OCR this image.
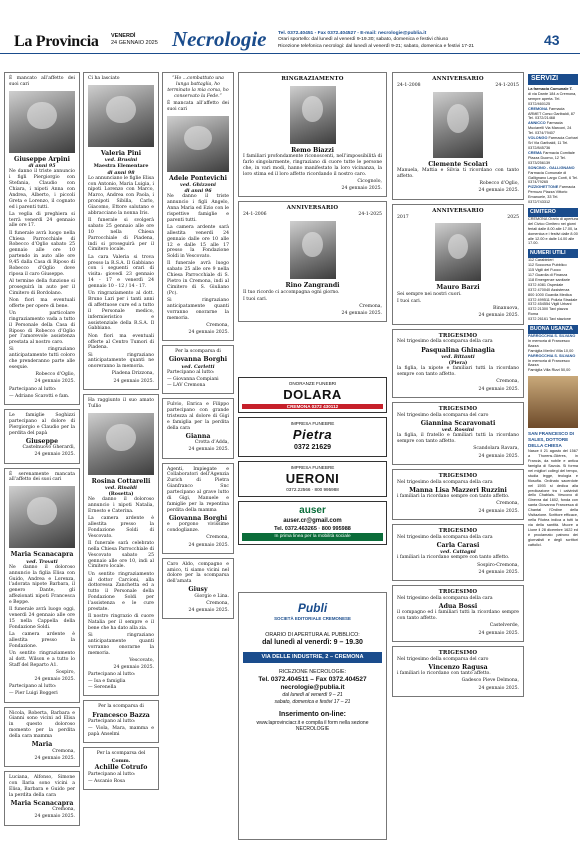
La Provincia VENERDÌ
24 GENNAIO 2025 Necrologie Tel. 0372.40451 - Fax 0372.404527 - E-mail: necrologie@publia.it
Orari sportello: dal lunedì al venerdì 9-19.30; sabato, domenica e festivi chiuso
Ricezione telefonica necrologi: dal lunedì al venerdì 9-21; sabato, domenica e festivi 17-21	43

È mancato all’affetto dei suoi cari

Giuseppe Arpini
di anni 95

Ne danno il triste annuncio i figli Piergiorgio con Stefania, Claudio con Chiara, i nipoti Anna con Andrea, Alberto, i piccoli Greta e Lorenzo, il cognato ed i parenti tutti.

La veglia di preghiera si terrà venerdì 24 gennaio alle ore 17.

Il funerale avrà luogo nella Chiesa Parrocchiale di Robecco d’Oglio sabato 25 gennaio alle ore 10 partendo in auto alle ore 9,45 dalla Casa di Riposo di Robecco d’Oglio dove riposa il caro Giuseppe.

Al termine della funzione si proseguirà in auto per il Cimitero di Bordolano.

Non fiori ma eventuali offerte per opere di bene.

Un particolare ringraziamento vada a tutto il Personale della Casa di Riposo di Robecco d’Oglio per l’amorevole assistenza prestata al nostro caro.

Si ringraziano anticipatamente tutti coloro che prenderanno parte alle esequie.

Robecco d’Oglio,

24 gennaio 2025.

Partecipano al lutto:

— Adriano Scarotti e fam.

Le famiglie Soghizzi partecipano al dolore di Piergiorgio e Claudio per la perdita del papà

Giuseppe

Castelnuovo Gherardi,

24 gennaio 2025.

È serenamente mancata all’affetto dei suoi cari

Maria Scanacapra
ved. Trovati

Ne danno il doloroso annuncio la figlia Elisa con Guido, Andrea e Lorenza, l’adorata nipote Barbara, il genero Dante, gli affezionati nipoti Francesca e Beppe.

Il funerale avrà luogo oggi, venerdì 24 gennaio alle ore 15 nella Cappella della Fondazione Soldi.

La camera ardente è allestita presso la Fondazione.

Un sentito ringraziamento al dott. Wilson e a tutto lo Staff del Reparto A1.

Sospiro,

24 gennaio 2025.

Partecipano al lutto:

— Pier Luigi Boggeri

Nicola, Roberta, Barbara e Gianni sono vicini ad Elisa in questo doloroso momento per la perdita della cara mamma

Maria

Cremona,

24 gennaio 2025.

Luciana, Alfonso, Simone con Ilaria sono vicini a Elisa, Barbara e Guido per la perdita della cara

Maria Scanacapra

Cremona,

24 gennaio 2025.

Ci ha lasciato

Valeria Pini
ved. Brusini
Maestra Elementare
di anni 98

Lo annunciano le figlie Elisa con Antonio, Maria Luigia, i nipoti Lorenzo con Marco, Marco, Andrea con Paola, i pronipoti Sibilla, Carlo, Giacomo, Ettore salutano e abbracciano la nonna Iris.

Il funerale si svolgerà sabato 25 gennaio alle ore 10 nella Chiesa Parrocchiale di Piadena, indi si proseguirà per il Cimitero locale.

La cara Valeria si trova presso la R.S.A. Il Gabbiano con i seguenti orari di visita: giovedì 23 gennaio 14 - 17 e venerdì 24 gennaio 10 - 12 / 14 - 17.

Un ringraziamento al dott. Bruno Lari per i tanti anni di affettuose cure ed a tutto il Personale medico, infermieristico e assistenziale della R.S.A. Il Gabbiano.

Non fiori ma eventuali offerte al Centro Tumori di Piadena.

Si ringraziano anticipatamente quanti ne onoreranno la memoria.

Piadena Drizzona,

24 gennaio 2025.

Ha raggiunto il suo amato Tullio

Rosina Cottarelli
ved. Rinaldi
(Rosetta)

Ne danno il doloroso annuncio i nipoti Natalia, Ernesto e Caterina.

La camera ardente è allestita presso la Fondazione Soldi di Vescovato.

Il funerale sarà celebrato nella Chiesa Parrocchiale di Vescovato sabato 25 gennaio alle ore 10, indi al Cimitero locale.

Un sentito ringraziamento al dottor Carcioni, alla dottoressa Zanchetta ed a tutto il Personale della Fondazione Soldi per l’assistenza e le cure prestate.

Il nostro ringrazio di cuore Natalia per il sempre e il bene che ha dato alla zia.

Si ringraziano anticipatamente quanti vorranno onorarne la memoria.

Vescovato,

24 gennaio 2025.

Partecipano al lutto:

— Isa e famiglia
— Serenella

Per la scomparsa di

Francesco Bazza

Partecipano al lutto:

— Viola, Mara, mamma e papà Anselmi

Per la scomparsa del

Comm.
Achille Cotrufo

Partecipano al lutto:

— Ascanio Rosa

“Ho ...combattuto una lunga battaglia, ho terminato la mia corsa, ho conservato la Fede.”

È mancata all’affetto dei suoi cari

Adele Pontevichi
ved. Ghizzoni
di anni 96

Ne danno il triste annuncio i figli Angelo, Anna Maria ed Ezio con le rispettive famiglie e parenti tutti.

La camera ardente sarà allestita venerdì 24 gennaio dalle ore 10 alle 12 e dalle 15 alle 17 presso la Fondazione Soldi in Vescovato.

Il funerale avrà luogo sabato 25 alle ore 9 nella Chiesa Parrocchiale di S. Pietro in Cremona, indi al Cimitero di S. Giuliano (Pc).

Si ringraziano anticipatamente quanti vorranno onorarne la memoria.

Cremona,

24 gennaio 2025.

Per la scomparsa di

Giovanna Borghi
ved. Carletti

Partecipano al lutto:

— Giovanna Compiani
— LAV Cremona

Fulvio, Enrica e Filippo partecipano con grande tristezza al dolore di Gigi e famiglia per la perdita della cara

Gianna

Crotta d’Adda,

24 gennaio 2025.

Agenti, Impiegate e Collaboratori dell’Agenzia Zurich di Pietra Gianfranco Snc partecipano al grave lutto di Gigi, Manuele e famiglie per la repentina perdita della mamma

Giovanna Borghi

e porgono vivissime condoglianze.

Cremona,

24 gennaio 2025.

Caro Aldo, compagno e amico, ti siamo vicini nel dolore per la scomparsa dell’amata

Giusy

Giorgio e Lina.

Cremona,

24 gennaio 2025.

RINGRAZIAMENTO
Remo Biazzi

I familiari profondamente riconoscenti, nell’impossibilità di farlo singolarmente, ringraziano di cuore tutte le persone che, in vari modi, hanno manifestato la loro vicinanza, la loro stima ed il loro affetto ricordando il nostro caro.

Cicognolo,

24 gennaio 2025.

ANNIVERSARIO
24-1-2006	24-1-2025
Rino Zangrandi

Il tuo ricordo ci accompagna ogni giorno.

I tuoi cari.

Cremona,

24 gennaio 2025.

ONORANZE FUNEBRI
DOLARA
CREMONA 0372 430112
IMPRESA FUNEBRE
Pietra
0372 21629
IMPRESA FUNEBRE
UERONI
0372.22566 · 800 995988
auser
auser.cr@gmail.com
Tel. 0372.463265 · 800 995988
In prima linea per la mobilità sociale
Publi
SOCIETÀ EDITORIALE CREMONESE
ORARIO DI APERTURA AL PUBBLICO:
dal lunedì al venerdì: 9 – 19.30
VIA DELLE INDUSTRIE, 2 – CREMONA
RICEZIONE NECROLOGIE:
Tel. 0372.404511 – Fax 0372.404527
necrologie@publia.it
dal lunedì al venerdì 9 – 21
sabato, domenica e festivi 17 – 21
Inserimento on-line:
www.laprovinciacr.it e compila il form nella sezione NECROLOGIE
ANNIVERSARIO
24-1-2008	24-1-2015
Clemente Scolari

Manuela, Mattia e Silvia ti ricordano con tanto affetto.

Robecco d’Oglio,

24 gennaio 2025.

ANNIVERSARIO
2017	2025
Mauro Barzi

Sei sempre nei nostri cuori.

I tuoi cari.

Binanuova,

24 gennaio 2025.

TRIGESIMO

Nel trigesimo della scomparsa della cara

Pasqualina Ghinaglia
ved. Bittanti
(Piera)

la figlia, la nipote e familiari tutti la ricordano sempre con tanto affetto.

Cremona,

24 gennaio 2025.

TRIGESIMO

Nel trigesimo della scomparsa del caro

Giannina Scaravonati
ved. Rossini

la figlia, il fratello e familiari tutti la ricordano sempre con tanto affetto.

Scandolara Ravara,

24 gennaio 2025.

TRIGESIMO

Nel trigesimo della scomparsa della cara

Manna Lisa Mazzeri Ruzzini

i familiari la ricordano sempre con tanto affetto.

Cremona,

24 gennaio 2025.

TRIGESIMO

Nel trigesimo della scomparsa della cara

Carla Carasi
ved. Cattagni

i familiari la ricordano sempre con tanto affetto.

Sospiro-Cremona,

24 gennaio 2025.

TRIGESIMO

Nel trigesimo della scomparsa della cara

Adua Bossi

il compagno ed i familiari tutti la ricordano sempre con tanto affetto.

Castelverde,

24 gennaio 2025.

TRIGESIMO

Nel trigesimo della scomparsa del caro

Vincenzo Ragusa

i familiari lo ricordano con tanto affetto.

Gadesco Pieve Delmona,

24 gennaio 2025.

SERVIZI
La farmacia Comunale T.
di via Dante 184 a Cremona, sempre aperta. Tel. 0372/460125
CREMONA Farmacia ARMET Corso Garibaldi, 87 Tel. 0372/21468
ANNICCO Farmacia Muciarelli Via Marconi, 24 Tel. 0374/79407
VOLONGO Farmacia Corbari Srl Via Garibaldi, 11 Tel. 0372/845736
CREMA Farmacia Comitale Piazza Duomo, 12 Tel. 0373/256139
SONCINO - GALLIGNANO Farmacia Comunale di Gallignano Largo Conti, 6 Tel. 0374/79265
PIZZIGHETTONE Farmacia Pernuzo Piazza Vittorio Emanuele, 33 Tel. 0372/743312
CIMITERO
CREMONA Orario di apertura del Civico Cimitero nei giorni feriali dalle 8.00 alle 17.00, la domenica e i festivi dalle 8.00 alle 12.00 e dalle 14.00 alle 17.00.
NUMERI UTILI
112 Carabinieri
112 Soccorso Pubblico
115 Vigili del Fuoco
117 Guardia di Finanza
118 Emergenze sanitarie
0372 4081 Ospedale
0372 470040 Assistenza
800 1000 Guardia Medica
0372 499511 Polizia Stradale
0372 454554 Vigili Urbani
0372 21300 Taxi piazza Roma
0372 26161 Taxi stazione
BUONA USANZA
PARROCCHIA S. SILVANO
In memoria di Francesco Bazza
Famiglia Merlini Villa 10,00
PARROCCHIA S. SILVANO
In memoria di Francesco Bazza
Famiglia Villa Rizzi 50,00
SAN FRANCESCO DI SALES, DOTTORE DELLA CHIESA
Nasce il 21 agosto del 1567 a Thorens-Glières, in Francia, da nobile e antica famiglia di Savoia. Si forma nei migliori collegi del tempo, studia legge, teologia e filosofia. Ordinato sacerdote nel 1593 si dedica alla predicazione tra i calvinisti dello Chablais. Vescovo di Ginevra dal 1602, fonda con santa Giovanna Francesca di Chantal l’Ordine della Visitazione. Scrittore efficace, nella Filotea indica a tutti la via della santità. Muore a Lione il 28 dicembre 1622 ed è proclamato patrono dei giornalisti e degli scrittori cattolici.
